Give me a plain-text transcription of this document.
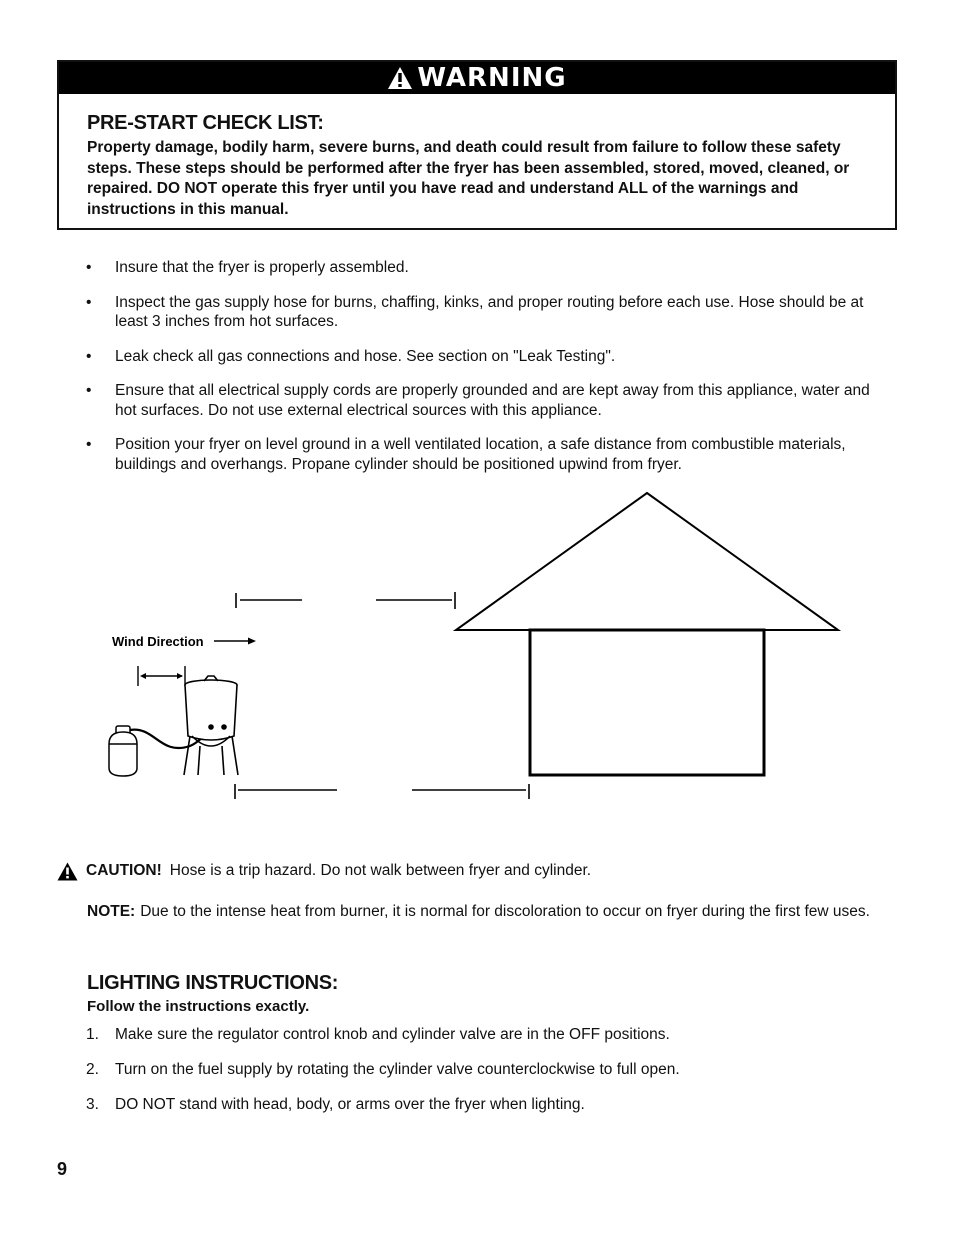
WARNING

PRE-START CHECK LIST:

Property damage, bodily harm, severe burns, and death could result from failure to follow these safety steps. These steps should be performed after the fryer has been assembled, stored, moved, cleaned, or repaired. DO NOT operate this fryer until you have read and understand ALL of the warnings and instructions in this manual.

•	Insure that the fryer is properly assembled.
•	Inspect the gas supply hose for burns, chaffing, kinks, and proper routing before each use. Hose should be at least 3 inches from hot surfaces.
•	Leak check all gas connections and hose. See section on "Leak Testing".
•	Ensure that all electrical supply cords are properly grounded and are kept away from this appliance, water and hot surfaces. Do not use external electrical sources with this appliance.
•	Position your fryer on level ground in a well ventilated location, a safe distance from combustible materials, buildings and overhangs. Propane cylinder should be positioned upwind from fryer.
Wind Direction
CAUTION! Hose is a trip hazard. Do not walk between fryer and cylinder.
NOTE: Due to the intense heat from burner, it is normal for discoloration to occur on fryer during the first few uses.

LIGHTING INSTRUCTIONS:

Follow the instructions exactly.

1.	Make sure the regulator control knob and cylinder valve are in the OFF positions.
2.	Turn on the fuel supply by rotating the cylinder valve counterclockwise to full open.
3.	DO NOT stand with head, body, or arms over the fryer when lighting.
9
